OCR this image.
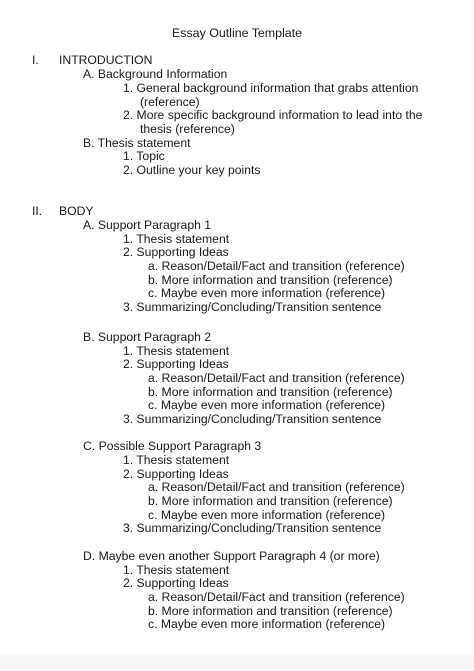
Essay Outline Template
I. INTRODUCTION
A. Background Information
1. General background information that grabs attention
(reference)
2. More specific background information to lead into the
thesis (reference)
B. Thesis statement
1. Topic
2. Outline your key points
II. BODY
A. Support Paragraph 1
1. Thesis statement
2. Supporting Ideas
a. Reason/Detail/Fact and transition (reference)
b. More information and transition (reference)
c. Maybe even more information (reference)
3. Summarizing/Concluding/Transition sentence
B. Support Paragraph 2
1. Thesis statement
2. Supporting Ideas
a. Reason/Detail/Fact and transition (reference)
b. More information and transition (reference)
c. Maybe even more information (reference)
3. Summarizing/Concluding/Transition sentence
C. Possible Support Paragraph 3
1. Thesis statement
2. Supporting Ideas
a. Reason/Detail/Fact and transition (reference)
b. More information and transition (reference)
c. Maybe even more information (reference)
3. Summarizing/Concluding/Transition sentence
D. Maybe even another Support Paragraph 4 (or more)
1. Thesis statement
2. Supporting Ideas
a. Reason/Detail/Fact and transition (reference)
b. More information and transition (reference)
c. Maybe even more information (reference)
